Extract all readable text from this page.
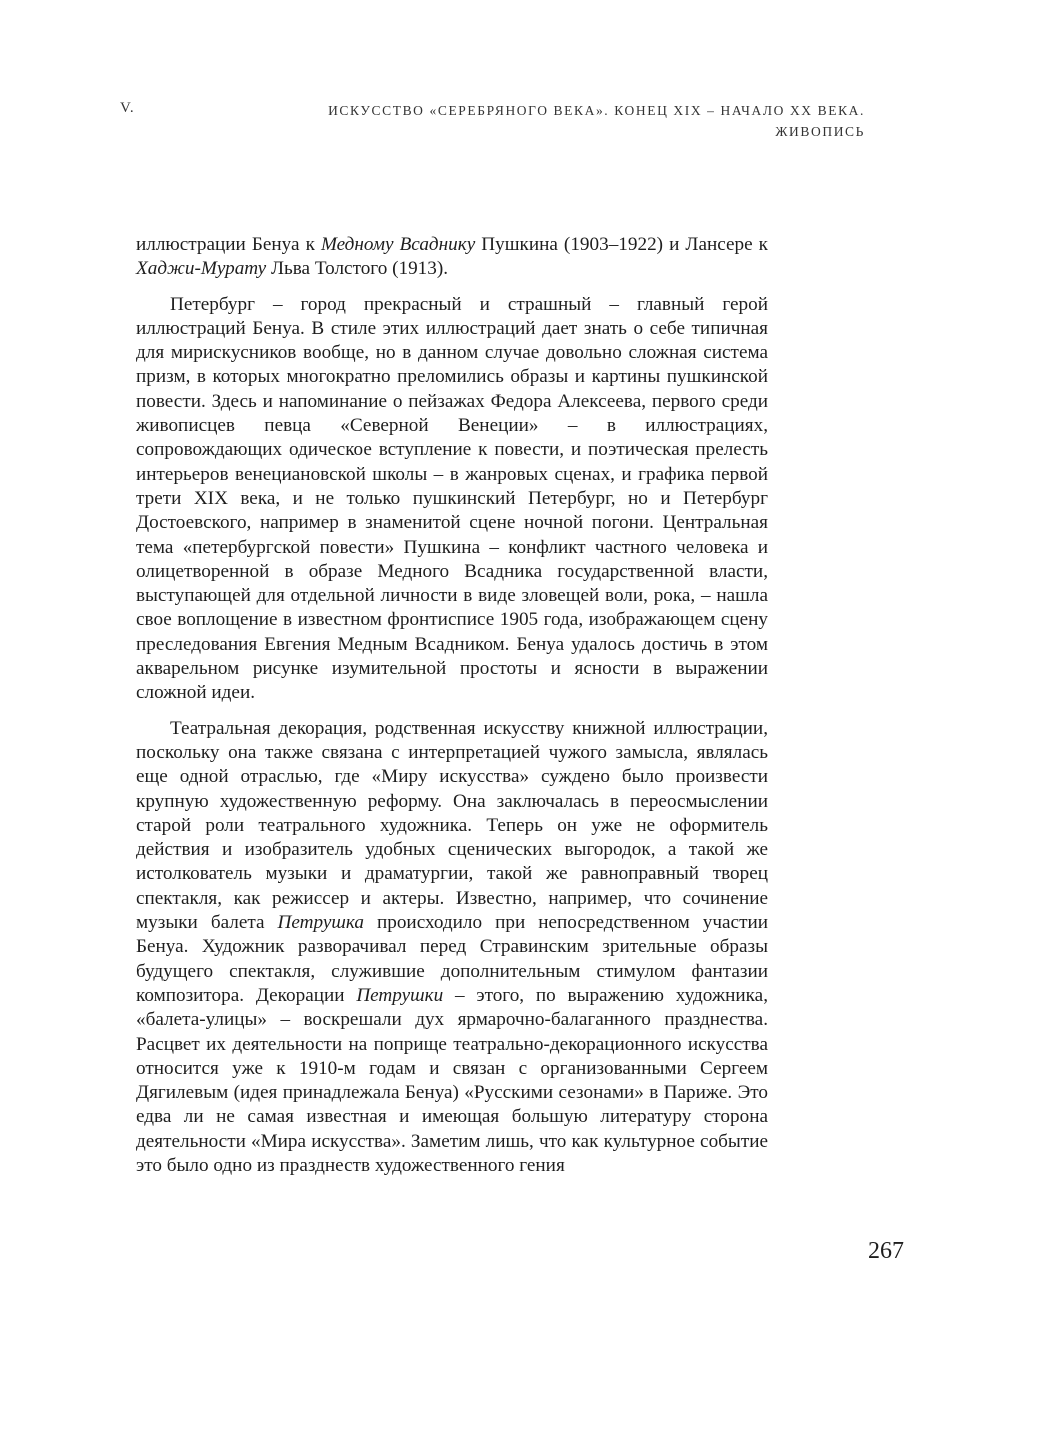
V.	ИСКУССТВО «СЕРЕБРЯНОГО ВЕКА». КОНЕЦ XIX – НАЧАЛО XX ВЕКА.
ЖИВОПИСЬ

иллюстрации Бенуа к Медному Всаднику Пушкина (1903–1922) и Лансере к Хаджи-Мурату Льва Толстого (1913).

Петербург – город прекрасный и страшный – главный герой иллюстраций Бенуа. В стиле этих иллюстраций дает знать о себе типичная для мирискусников вообще, но в данном случае довольно сложная система призм, в которых многократно преломились образы и картины пушкинской повести. Здесь и напоминание о пейзажах Федора Алексеева, первого среди живописцев певца «Северной Венеции» – в иллюстрациях, сопровождающих одическое вступление к повести, и поэтическая прелесть интерьеров венециановской школы – в жанровых сценах, и графика первой трети XIX века, и не только пушкинский Петербург, но и Петербург Достоевского, например в знаменитой сцене ночной погони. Центральная тема «петербургской повести» Пушкина – конфликт частного человека и олицетворенной в образе Медного Всадника государственной власти, выступающей для отдельной личности в виде зловещей воли, рока, – нашла свое воплощение в известном фронтисписе 1905 года, изображающем сцену преследования Евгения Медным Всадником. Бенуа удалось достичь в этом акварельном рисунке изумительной простоты и ясности в выражении сложной идеи.

Театральная декорация, родственная искусству книжной иллюстрации, поскольку она также связана с интерпретацией чужого замысла, являлась еще одной отраслью, где «Миру искусства» суждено было произвести крупную художественную реформу. Она заключалась в переосмыслении старой роли театрального художника. Теперь он уже не оформитель действия и изобразитель удобных сценических выгородок, а такой же истолкователь музыки и драматургии, такой же равноправный творец спектакля, как режиссер и актеры. Известно, например, что сочинение музыки балета Петрушка происходило при непосредственном участии Бенуа. Художник разворачивал перед Стравинским зрительные образы будущего спектакля, служившие дополнительным стимулом фантазии композитора. Декорации Петрушки – этого, по выражению художника, «балета-улицы» – воскрешали дух ярмарочно-балаганного празднества. Расцвет их деятельности на поприще театрально-декорационного искусства относится уже к 1910-м годам и связан с организованными Сергеем Дягилевым (идея принадлежала Бенуа) «Русскими сезонами» в Париже. Это едва ли не самая известная и имеющая большую литературу сторона деятельности «Мира искусства». Заметим лишь, что как культурное событие это было одно из празднеств художественного гения

267
